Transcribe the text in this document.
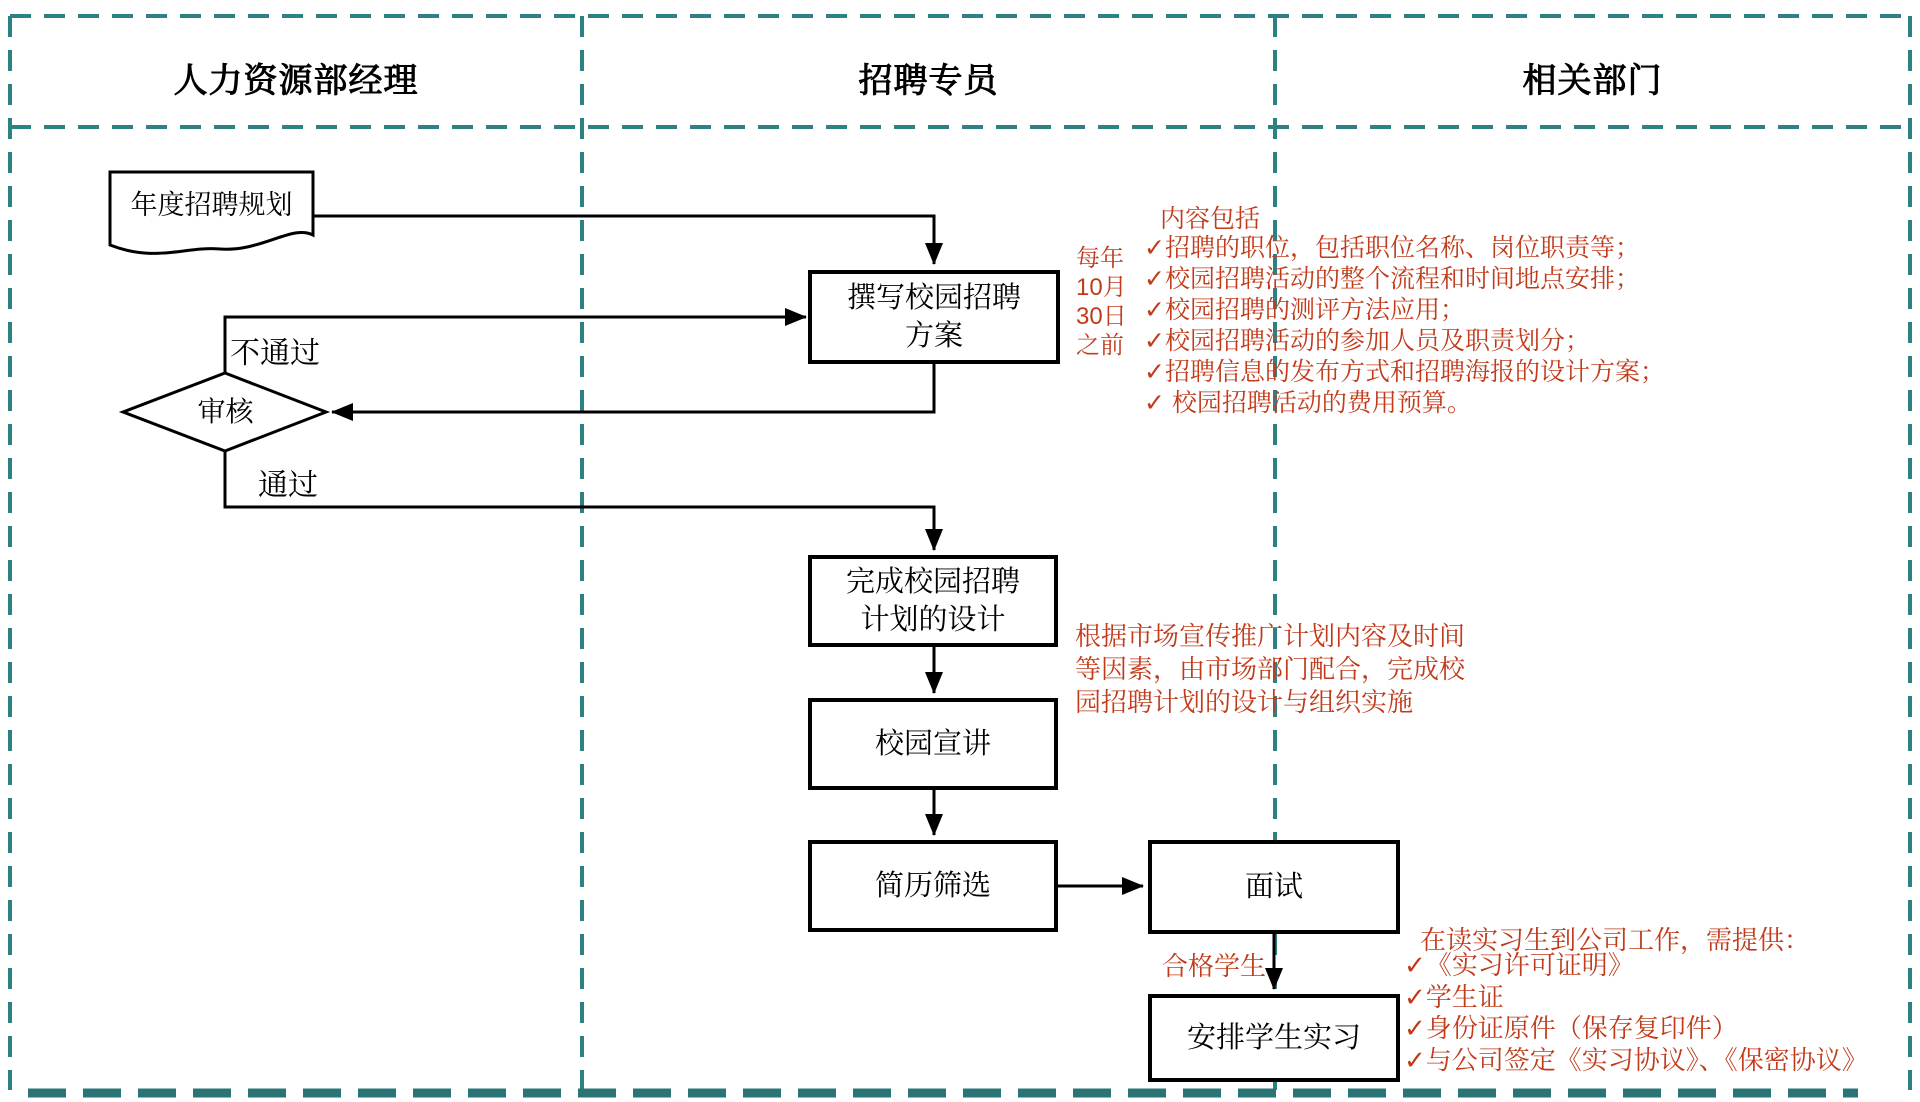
人力资源部经理	招聘专员	相关部门
年度招聘规划
撰写校园招聘
方案
审核
完成校园招聘
计划的设计
校园宣讲
简历筛选	面试
安排学生实习
不通过
通过
合格学生
每年
10月
30日
之前
内容包括
✓招聘的职位，包括职位名称、岗位职责等；
✓校园招聘活动的整个流程和时间地点安排；
✓校园招聘的测评方法应用；
✓校园招聘活动的参加人员及职责划分；
✓招聘信息的发布方式和招聘海报的设计方案；
✓ 校园招聘活动的费用预算。
根据市场宣传推广计划内容及时间
等因素，由市场部门配合，完成校
园招聘计划的设计与组织实施
在读实习生到公司工作，需提供：
✓《实习许可证明》
✓学生证
✓身份证原件（保存复印件）
✓与公司签定《实习协议》、《保密协议》
